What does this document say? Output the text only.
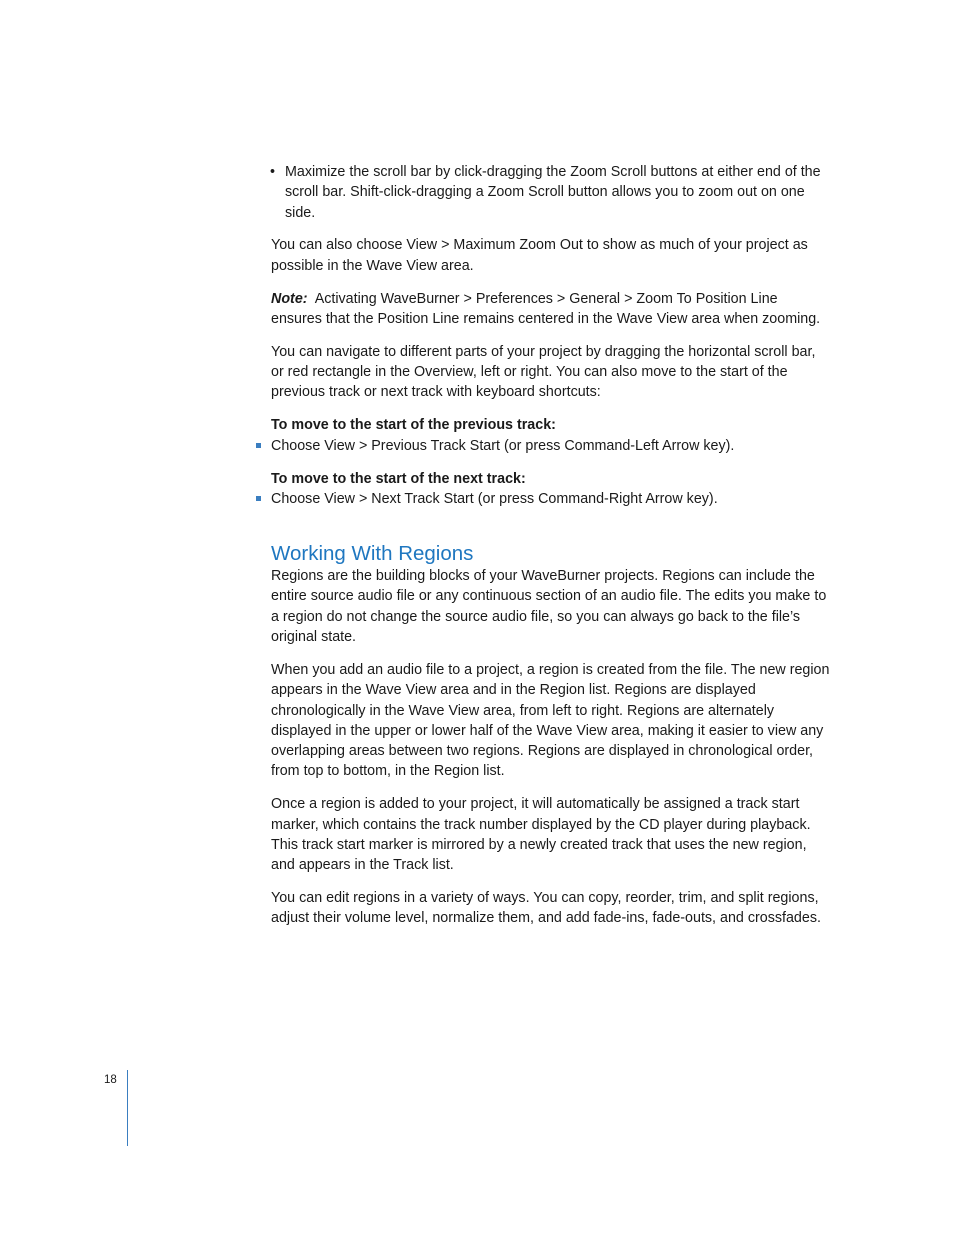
• Maximize the scroll bar by click-dragging the Zoom Scroll buttons at either end of the scroll bar. Shift-click-dragging a Zoom Scroll button allows you to zoom out on one side.

You can also choose View > Maximum Zoom Out to show as much of your project as possible in the Wave View area.

Note: Activating WaveBurner > Preferences > General > Zoom To Position Line ensures that the Position Line remains centered in the Wave View area when zooming.

You can navigate to different parts of your project by dragging the horizontal scroll bar, or red rectangle in the Overview, left or right. You can also move to the start of the previous track or next track with keyboard shortcuts:

To move to the start of the previous track:

Choose View > Previous Track Start (or press Command-Left Arrow key).

To move to the start of the next track:

Choose View > Next Track Start (or press Command-Right Arrow key).
Working With Regions

Regions are the building blocks of your WaveBurner projects. Regions can include the entire source audio file or any continuous section of an audio file. The edits you make to a region do not change the source audio file, so you can always go back to the file’s original state.

When you add an audio file to a project, a region is created from the file. The new region appears in the Wave View area and in the Region list. Regions are displayed chronologically in the Wave View area, from left to right. Regions are alternately displayed in the upper or lower half of the Wave View area, making it easier to view any overlapping areas between two regions. Regions are displayed in chronological order, from top to bottom, in the Region list.

Once a region is added to your project, it will automatically be assigned a track start marker, which contains the track number displayed by the CD player during playback. This track start marker is mirrored by a newly created track that uses the new region, and appears in the Track list.

You can edit regions in a variety of ways. You can copy, reorder, trim, and split regions, adjust their volume level, normalize them, and add fade-ins, fade-outs, and crossfades.

18
